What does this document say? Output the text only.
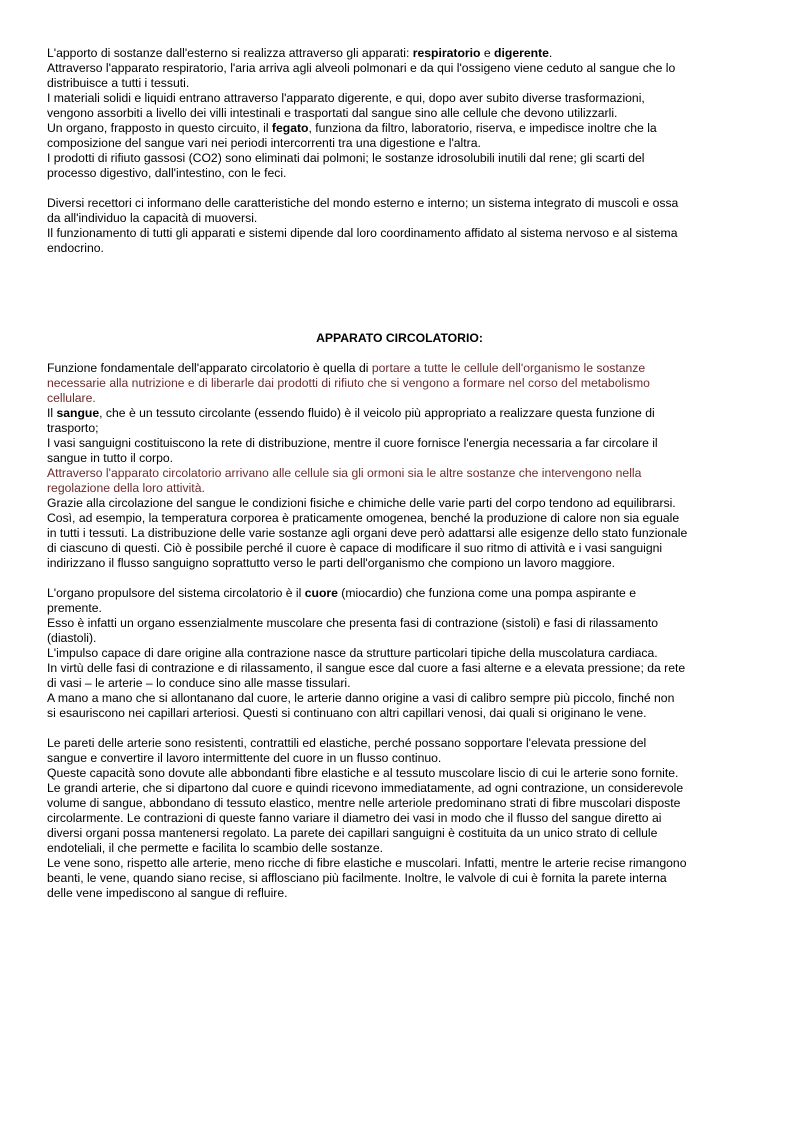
L'apporto di sostanze dall'esterno si realizza attraverso gli apparati: respiratorio e digerente.
Attraverso l'apparato respiratorio, l'aria arriva agli alveoli polmonari e da qui l'ossigeno viene ceduto al sangue che lo
distribuisce a tutti i tessuti.
I materiali solidi e liquidi entrano attraverso l'apparato digerente, e qui, dopo aver subito diverse trasformazioni,
vengono assorbiti a livello dei villi intestinali e trasportati dal sangue sino alle cellule che devono utilizzarli.
Un organo, frapposto in questo circuito, il fegato, funziona da filtro, laboratorio, riserva, e impedisce inoltre che la
composizione del sangue vari nei periodi intercorrenti tra una digestione e l'altra.
I prodotti di rifiuto gassosi (CO2) sono eliminati dai polmoni; le sostanze idrosolubili inutili dal rene; gli scarti del
processo digestivo, dall'intestino, con le feci.
Diversi recettori ci informano delle caratteristiche del mondo esterno e interno; un sistema integrato di muscoli e ossa
da all'individuo la capacità di muoversi.
Il funzionamento di tutti gli apparati e sistemi dipende dal loro coordinamento affidato al sistema nervoso e al sistema
endocrino.
APPARATO CIRCOLATORIO:
Funzione fondamentale dell'apparato circolatorio è quella di portare a tutte le cellule dell'organismo le sostanze
necessarie alla nutrizione e di liberarle dai prodotti di rifiuto che si vengono a formare nel corso del metabolismo
cellulare.
Il sangue, che è un tessuto circolante (essendo fluido) è il veicolo più appropriato a realizzare questa funzione di
trasporto;
I vasi sanguigni costituiscono la rete di distribuzione, mentre il cuore fornisce l'energia necessaria a far circolare il
sangue in tutto il corpo.
Attraverso l'apparato circolatorio arrivano alle cellule sia gli ormoni sia le altre sostanze che intervengono nella
regolazione della loro attività.
Grazie alla circolazione del sangue le condizioni fisiche e chimiche delle varie parti del corpo tendono ad equilibrarsi.
Così, ad esempio, la temperatura corporea è praticamente omogenea, benché la produzione di calore non sia eguale
in tutti i tessuti. La distribuzione delle varie sostanze agli organi deve però adattarsi alle esigenze dello stato funzionale
di ciascuno di questi. Ciò è possibile perché il cuore è capace di modificare il suo ritmo di attività e i vasi sanguigni
indirizzano il flusso sanguigno soprattutto verso le parti dell'organismo che compiono un lavoro maggiore.
L'organo propulsore del sistema circolatorio è il cuore (miocardio) che funziona come una pompa aspirante e
premente.
Esso è infatti un organo essenzialmente muscolare che presenta fasi di contrazione (sistoli) e fasi di rilassamento
(diastoli).
L'impulso capace di dare origine alla contrazione nasce da strutture particolari tipiche della muscolatura cardiaca.
In virtù delle fasi di contrazione e di rilassamento, il sangue esce dal cuore a fasi alterne e a elevata pressione; da rete
di vasi – le arterie – lo conduce sino alle masse tissulari.
A mano a mano che si allontanano dal cuore, le arterie danno origine a vasi di calibro sempre più piccolo, finché non
si esauriscono nei capillari arteriosi. Questi si continuano con altri capillari venosi, dai quali si originano le vene.
Le pareti delle arterie sono resistenti, contrattili ed elastiche, perché possano sopportare l'elevata pressione del
sangue e convertire il lavoro intermittente del cuore in un flusso continuo.
Queste capacità sono dovute alle abbondanti fibre elastiche e al tessuto muscolare liscio di cui le arterie sono fornite.
Le grandi arterie, che si dipartono dal cuore e quindi ricevono immediatamente, ad ogni contrazione, un considerevole
volume di sangue, abbondano di tessuto elastico, mentre nelle arteriole predominano strati di fibre muscolari disposte
circolarmente. Le contrazioni di queste fanno variare il diametro dei vasi in modo che il flusso del sangue diretto ai
diversi organi possa mantenersi regolato. La parete dei capillari sanguigni è costituita da un unico strato di cellule
endoteliali, il che permette e facilita lo scambio delle sostanze.
Le vene sono, rispetto alle arterie, meno ricche di fibre elastiche e muscolari. Infatti, mentre le arterie recise rimangono
beanti, le vene, quando siano recise, si afflosciano più facilmente. Inoltre, le valvole di cui è fornita la parete interna
delle vene impediscono al sangue di refluire.
